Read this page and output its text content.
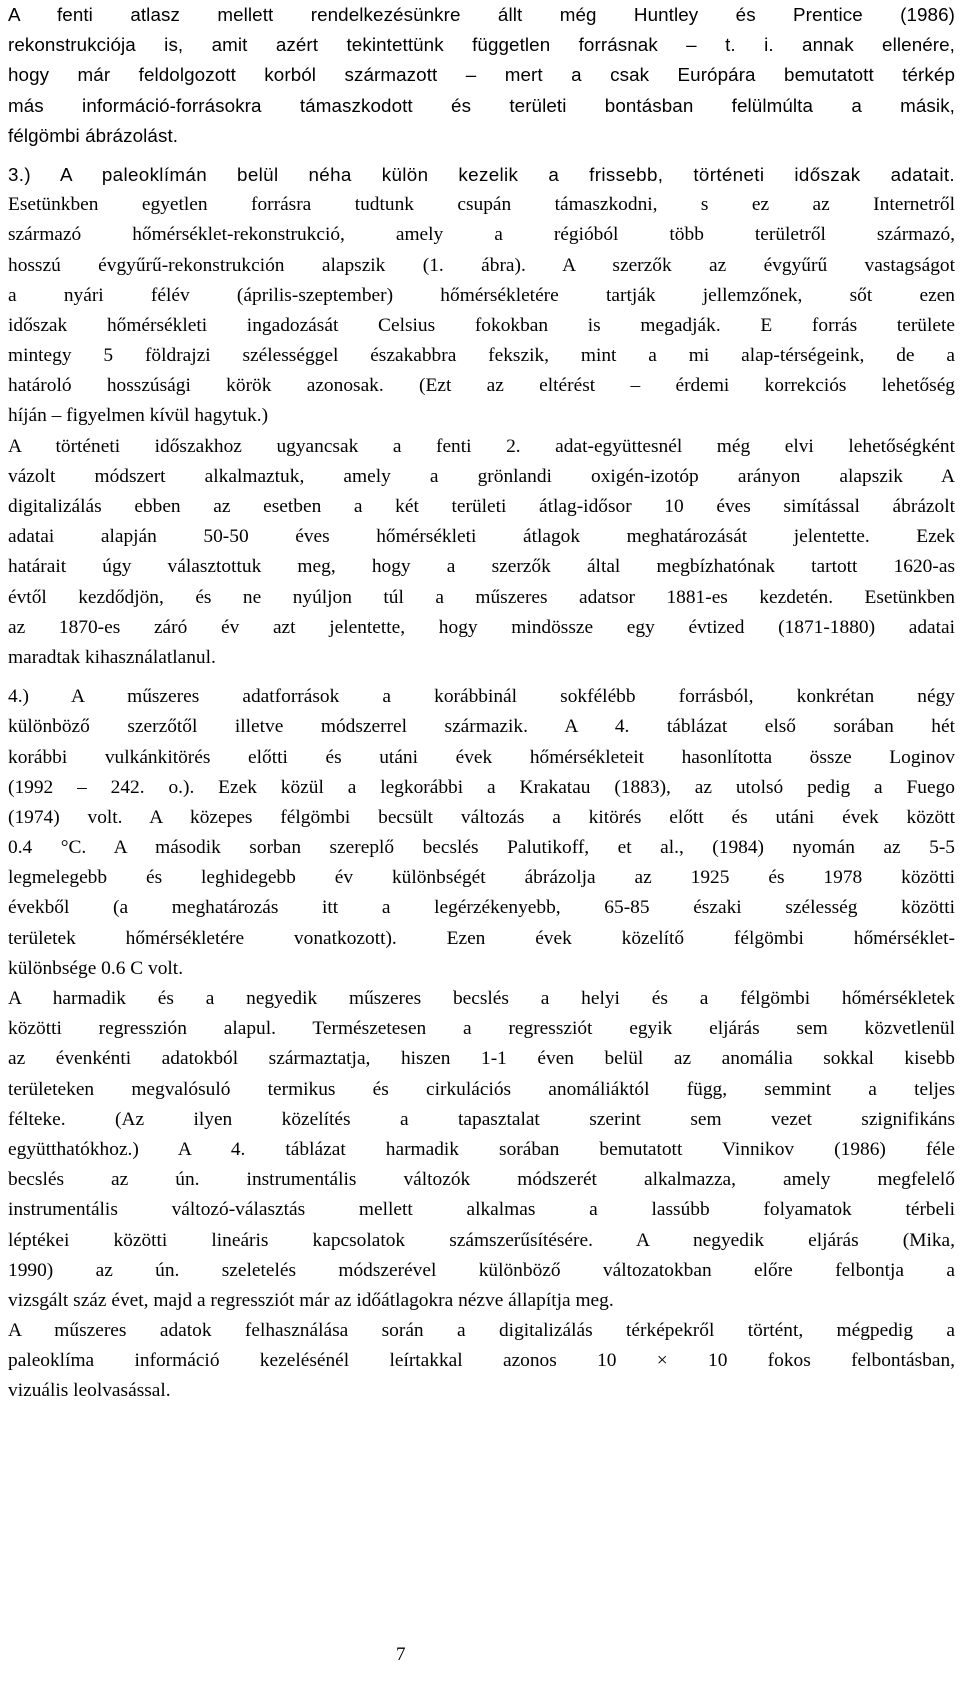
A fenti atlasz mellett rendelkezésünkre állt még Huntley és Prentice (1986)
rekonstrukciója is, amit azért tekintettünk független forrásnak – t. i. annak ellenére,
hogy már feldolgozott korból származott – mert a csak Európára bemutatott térkép
más információ-forrásokra támaszkodott és területi bontásban felülmúlta a másik,
félgömbi ábrázolást.
3.) A paleoklímán belül néha külön kezelik a frissebb, történeti időszak adatait.
Esetünkben egyetlen forrásra tudtunk csupán támaszkodni, s ez az Internetről
származó hőmérséklet-rekonstrukció, amely a régióból több területről származó,
hosszú évgyűrű-rekonstrukción alapszik (1. ábra). A szerzők az évgyűrű vastagságot
a nyári félév (április-szeptember) hőmérsékletére tartják jellemzőnek, sőt ezen
időszak hőmérsékleti ingadozását Celsius fokokban is megadják. E forrás területe
mintegy 5 földrajzi szélességgel északabbra fekszik, mint a mi alap-térségeink, de a
határoló hosszúsági körök azonosak. (Ezt az eltérést – érdemi korrekciós lehetőség
híján – figyelmen kívül hagytuk.)
A történeti időszakhoz ugyancsak a fenti 2. adat-együttesnél még elvi lehetőségként
vázolt módszert alkalmaztuk, amely a grönlandi oxigén-izotóp arányon alapszik A
digitalizálás ebben az esetben a két területi átlag-idősor 10 éves simítással ábrázolt
adatai alapján 50-50 éves hőmérsékleti átlagok meghatározását jelentette. Ezek
határait úgy választottuk meg, hogy a szerzők által megbízhatónak tartott 1620-as
évtől kezdődjön, és ne nyúljon túl a műszeres adatsor 1881-es kezdetén. Esetünkben
az 1870-es záró év azt jelentette, hogy mindössze egy évtized (1871-1880) adatai
maradtak kihasználatlanul.
4.) A műszeres adatforrások a korábbinál sokfélébb forrásból, konkrétan négy
különböző szerzőtől illetve módszerrel származik. A 4. táblázat első sorában hét
korábbi vulkánkitörés előtti és utáni évek hőmérsékleteit hasonlította össze Loginov
(1992 – 242. o.). Ezek közül a legkorábbi a Krakatau (1883), az utolsó pedig a Fuego
(1974) volt. A közepes félgömbi becsült változás a kitörés előtt és utáni évek között
0.4 °C. A második sorban szereplő becslés Palutikoff, et al., (1984) nyomán az 5-5
legmelegebb és leghidegebb év különbségét ábrázolja az 1925 és 1978 közötti
évekből (a meghatározás itt a legérzékenyebb, 65-85 északi szélesség közötti
területek hőmérsékletére vonatkozott). Ezen évek közelítő félgömbi hőmérséklet-
különbsége 0.6 C volt.
A harmadik és a negyedik műszeres becslés a helyi és a félgömbi hőmérsékletek
közötti regresszión alapul. Természetesen a regressziót egyik eljárás sem közvetlenül
az évenkénti adatokból származtatja, hiszen 1-1 éven belül az anomália sokkal kisebb
területeken megvalósuló termikus és cirkulációs anomáliáktól függ, semmint a teljes
félteke. (Az ilyen közelítés a tapasztalat szerint sem vezet szignifikáns
együtthatókhoz.) A 4. táblázat harmadik sorában bemutatott Vinnikov (1986) féle
becslés az ún. instrumentális változók módszerét alkalmazza, amely megfelelő
instrumentális változó-választás mellett alkalmas a lassúbb folyamatok térbeli
léptékei közötti lineáris kapcsolatok számszerűsítésére. A negyedik eljárás (Mika,
1990) az ún. szeletelés módszerével különböző változatokban előre felbontja a
vizsgált száz évet, majd a regressziót már az időátlagokra nézve állapítja meg.
A műszeres adatok felhasználása során a digitalizálás térképekről történt, mégpedig a
paleoklíma információ kezelésénél leírtakkal azonos 10 × 10 fokos felbontásban,
vizuális leolvasással.
7
